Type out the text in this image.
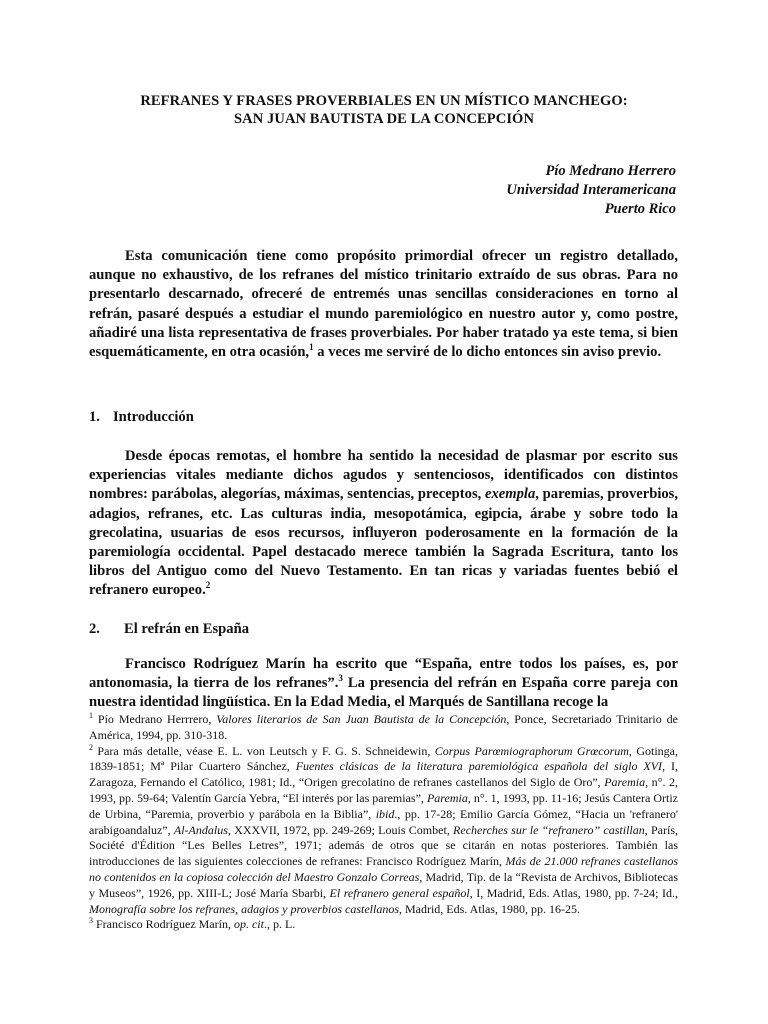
REFRANES Y FRASES PROVERBIALES EN UN MÍSTICO MANCHEGO:
SAN JUAN BAUTISTA DE LA CONCEPCIÓN
Pío Medrano Herrero
Universidad Interamericana
Puerto Rico

Esta comunicación tiene como propósito primordial ofrecer un registro detallado, aunque no exhaustivo, de los refranes del místico trinitario extraído de sus obras. Para no presentarlo descarnado, ofreceré de entremés unas sencillas consideraciones en torno al refrán, pasaré después a estudiar el mundo paremiológico en nuestro autor y, como postre, añadiré una lista representativa de frases proverbiales. Por haber tratado ya este tema, si bien esquemáticamente, en otra ocasión,$^1$ a veces me serviré de lo dicho entonces sin aviso previo.

1. Introducción

Desde épocas remotas, el hombre ha sentido la necesidad de plasmar por escrito sus experiencias vitales mediante dichos agudos y sentenciosos, identificados con distintos nombres: parábolas, alegorías, máximas, sentencias, preceptos, exempla, paremias, proverbios, adagios, refranes, etc. Las culturas india, mesopotámica, egipcia, árabe y sobre todo la grecolatina, usuarias de esos recursos, influyeron poderosamente en la formación de la paremiología occidental. Papel destacado merece también la Sagrada Escritura, tanto los libros del Antiguo como del Nuevo Testamento. En tan ricas y variadas fuentes bebió el refranero europeo.$^2$

2. El refrán en España

Francisco Rodríguez Marín ha escrito que “España, entre todos los países, es, por antonomasia, la tierra de los refranes”.$^3$ La presencia del refrán en España corre pareja con nuestra identidad lingüística. En la Edad Media, el Marqués de Santillana recoge la

$^1$ Pío Medrano Herrrero, Valores literarios de San Juan Bautista de la Concepción, Ponce, Secretariado Trinitario de América, 1994, pp. 310-318.

$^2$ Para más detalle, véase E. L. von Leutsch y F. G. S. Schneidewin, Corpus Parœmiographorum Grœcorum, Gotinga, 1839-1851; Mª Pilar Cuartero Sánchez, Fuentes clásicas de la literatura paremiológica española del siglo XVI, I, Zaragoza, Fernando el Católico, 1981; Id., “Origen grecolatino de refranes castellanos del Siglo de Oro”, Paremia, n°. 2, 1993, pp. 59-64; Valentín García Yebra, “El interés por las paremias”, Paremia, n°. 1, 1993, pp. 11-16; Jesús Cantera Ortiz de Urbina, “Paremia, proverbio y parábola en la Biblia”, ibid., pp. 17-28; Emilio García Gómez, “Hacia un 'refranero' arabigoandaluz”, Al-Andalus, XXXVII, 1972, pp. 249-269; Louis Combet, Recherches sur le “refranero” castillan, París, Société d'Édition “Les Belles Letres”, 1971; además de otros que se citarán en notas posteriores. También las introducciones de las siguientes colecciones de refranes: Francisco Rodríguez Marín, Más de 21.000 refranes castellanos no contenidos en la copiosa colección del Maestro Gonzalo Correas, Madrid, Tip. de la “Revista de Archivos, Bibliotecas y Museos”, 1926, pp. XIII-L; José María Sbarbi, El refranero general español, I, Madrid, Eds. Atlas, 1980, pp. 7-24; Id., Monografía sobre los refranes, adagios y proverbios castellanos, Madrid, Eds. Atlas, 1980, pp. 16-25.

$^3$ Francisco Rodríguez Marín, op. cit., p. L.
